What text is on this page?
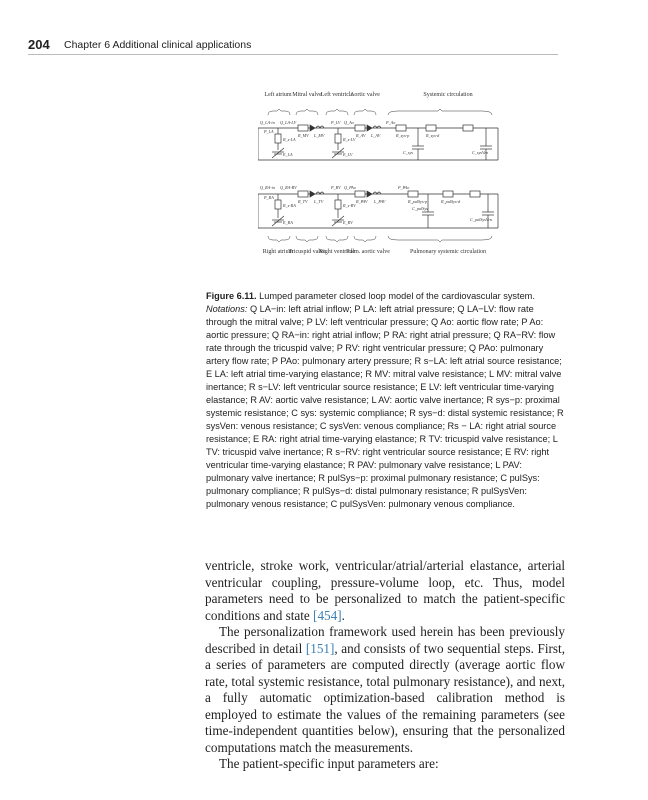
204 Chapter 6 Additional clinical applications
Left atrium Mitral valve Left ventricle
Aortic valve	Systemic circulation
Q_LA-in Q_LA-LV
P_LA
R_s-LA
E_LA
R_MV L_MV
R_s-LV
E_LV
P_LV Q_Ao
R_AV L_AV
P_Ao
R_sys-p	R_sys-d
C_sys	C_sysVen
Q_RA-in Q_RA-RV
P_RA
R_s-RA
E_RA
R_TV L_TV
R_s-RV
E_RV
P_RV Q_PAo
R_PAV L_PAV
P_PAo
R_pulSys-p	R_pulSys-d
C_pulSys
C_pulSysVen
Right atrium
Tricuspid valve
Right ventricle
Pulm. aortic valve	Pulmonary systemic circulation
Figure 6.11. Lumped parameter closed loop model of the cardiovascular system. Notations: Q LA−in: left atrial inflow; P LA: left atrial pressure; Q LA−LV: flow rate through the mitral valve; P LV: left ventricular pressure; Q Ao: aortic flow rate; P Ao: aortic pressure; Q RA−in: right atrial inflow; P RA: right atrial pressure; Q RA−RV: flow rate through the tricuspid valve; P RV: right ventricular pressure; Q PAo: pulmonary artery flow rate; P PAo: pulmonary artery pressure; R s−LA: left atrial source resistance; E LA: left atrial time-varying elastance; R MV: mitral valve resistance; L MV: mitral valve inertance; R s−LV: left ventricular source resistance; E LV: left ventricular time-varying elastance; R AV: aortic valve resistance; L AV: aortic valve inertance; R sys−p: proximal systemic resistance; C sys: systemic compliance; R sys−d: distal systemic resistance; R sysVen: venous resistance; C sysVen: venous compliance; Rs − LA: right atrial source resistance; E RA: right atrial time-varying elastance; R TV: tricuspid valve resistance; L TV: tricuspid valve inertance; R s−RV: right ventricular source resistance; E RV: right ventricular time-varying elastance; R PAV: pulmonary valve resistance; L PAV: pulmonary valve inertance; R pulSys−p: proximal pulmonary resistance; C pulSys: pulmonary compliance; R pulSys−d: distal pulmonary resistance; R pulSysVen: pulmonary venous resistance; C pulSysVen: pulmonary venous compliance.

ventricle, stroke work, ventricular/atrial/arterial elastance, arterial ventricular coupling, pressure-volume loop, etc. Thus, model parameters need to be personalized to match the patient-specific conditions and state [454].

The personalization framework used herein has been previously described in detail [151], and consists of two sequential steps. First, a series of parameters are computed directly (average aortic flow rate, total systemic resistance, total pulmonary resistance), and next, a fully automatic optimization-based calibration method is employed to estimate the values of the remaining parameters (see time-independent quantities below), ensuring that the personalized computations match the measurements.

The patient-specific input parameters are:
